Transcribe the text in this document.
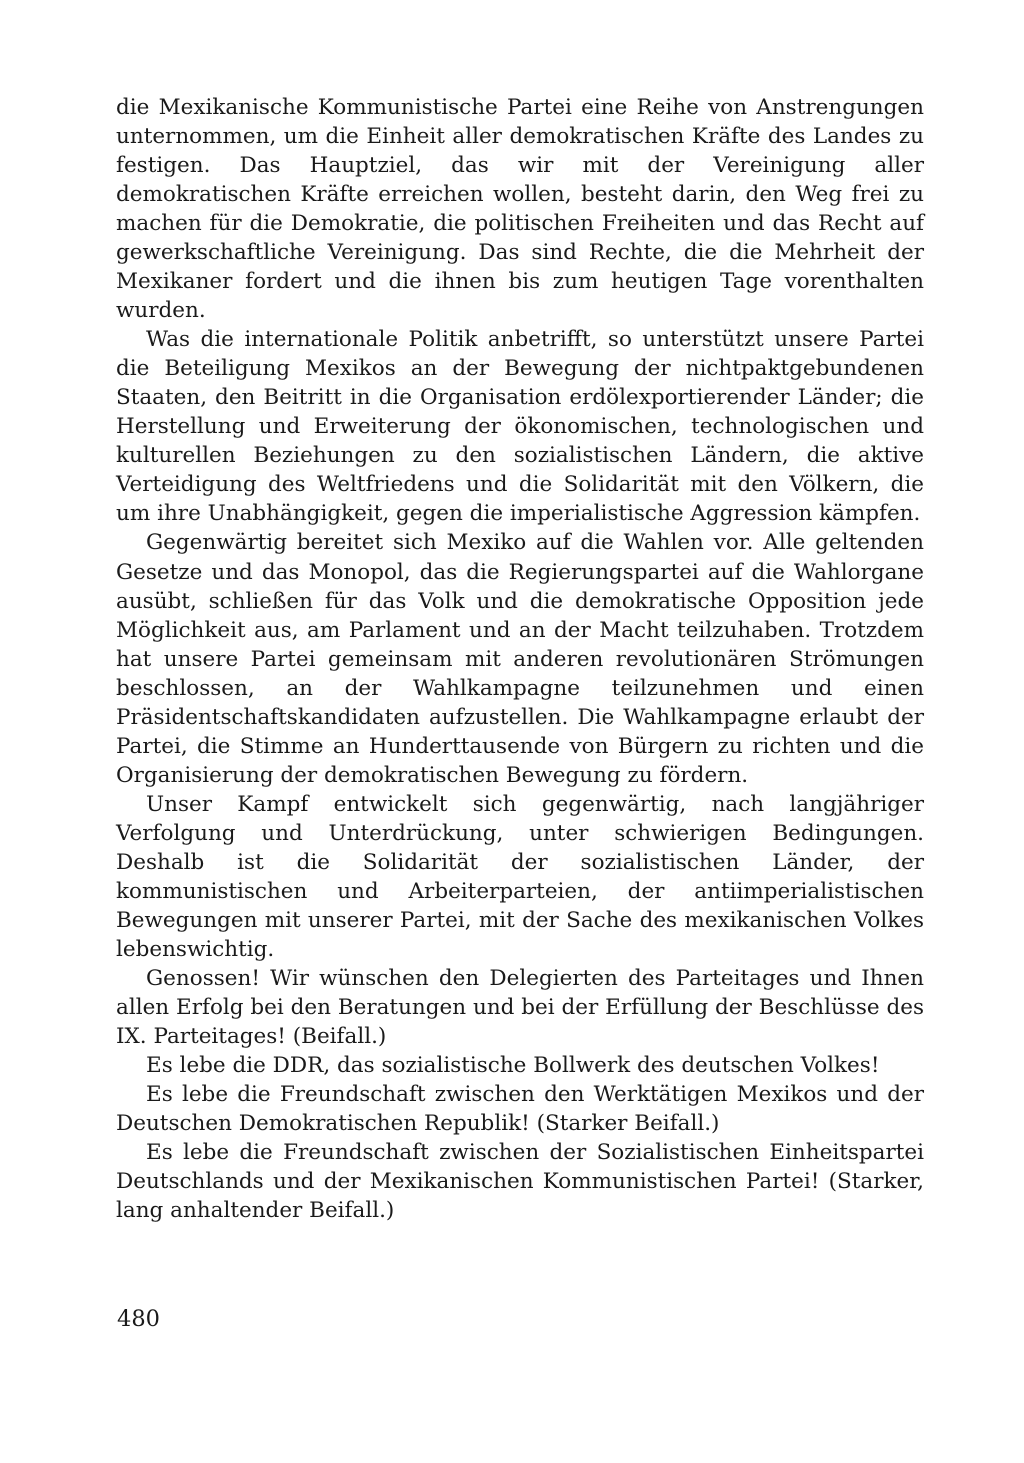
die Mexikanische Kommunistische Partei eine Reihe von Anstrengungen unternommen, um die Einheit aller demokratischen Kräfte des Landes zu festigen. Das Hauptziel, das wir mit der Vereinigung aller demokratischen Kräfte erreichen wollen, besteht darin, den Weg frei zu machen für die Demokratie, die politischen Freiheiten und das Recht auf gewerkschaftliche Vereinigung. Das sind Rechte, die die Mehrheit der Mexikaner fordert und die ihnen bis zum heutigen Tage vorenthalten wurden.

Was die internationale Politik anbetrifft, so unterstützt unsere Partei die Beteiligung Mexikos an der Bewegung der nichtpaktgebundenen Staaten, den Beitritt in die Organisation erdölexportierender Länder; die Herstellung und Erweiterung der ökonomischen, technologischen und kulturellen Beziehungen zu den sozialistischen Ländern, die aktive Verteidigung des Weltfriedens und die Solidarität mit den Völkern, die um ihre Unabhängigkeit, gegen die imperialistische Aggression kämpfen.

Gegenwärtig bereitet sich Mexiko auf die Wahlen vor. Alle geltenden Gesetze und das Monopol, das die Regierungspartei auf die Wahlorgane ausübt, schließen für das Volk und die demokratische Opposition jede Möglichkeit aus, am Parlament und an der Macht teilzuhaben. Trotzdem hat unsere Partei gemeinsam mit anderen revolutionären Strömungen beschlossen, an der Wahlkampagne teilzunehmen und einen Präsidentschaftskandidaten aufzustellen. Die Wahlkampagne erlaubt der Partei, die Stimme an Hunderttausende von Bürgern zu richten und die Organisierung der demokratischen Bewegung zu fördern.

Unser Kampf entwickelt sich gegenwärtig, nach langjähriger Verfolgung und Unterdrückung, unter schwierigen Bedingungen. Deshalb ist die Solidarität der sozialistischen Länder, der kommunistischen und Arbeiterparteien, der antiimperialistischen Bewegungen mit unserer Partei, mit der Sache des mexikanischen Volkes lebenswichtig.

Genossen! Wir wünschen den Delegierten des Parteitages und Ihnen allen Erfolg bei den Beratungen und bei der Erfüllung der Beschlüsse des IX. Parteitages! (Beifall.)

Es lebe die DDR, das sozialistische Bollwerk des deutschen Volkes!

Es lebe die Freundschaft zwischen den Werktätigen Mexikos und der Deutschen Demokratischen Republik! (Starker Beifall.)

Es lebe die Freundschaft zwischen der Sozialistischen Einheitspartei Deutschlands und der Mexikanischen Kommunistischen Partei! (Starker, lang anhaltender Beifall.)

480
